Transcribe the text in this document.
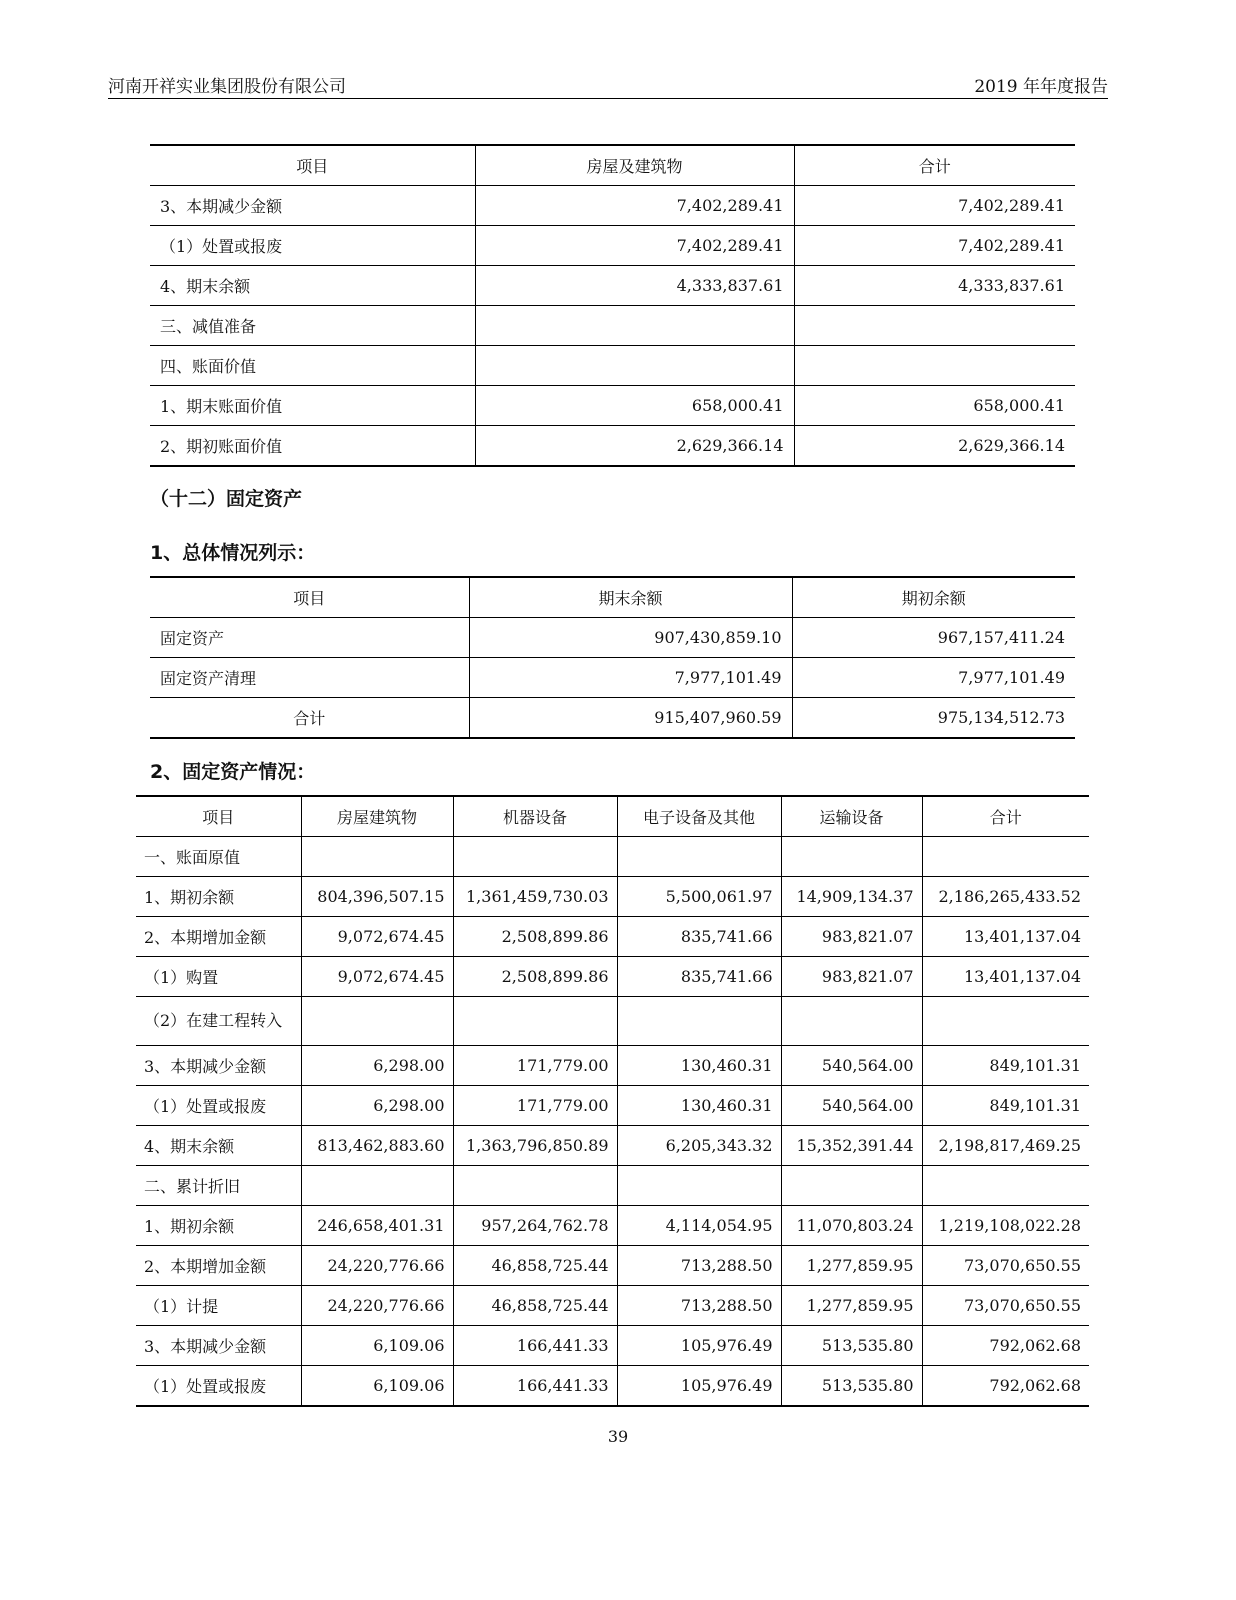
河南开祥实业集团股份有限公司	2019 年年度报告
项目	房屋及建筑物	合计
3、本期减少金额	7,402,289.41	7,402,289.41
（1）处置或报废	7,402,289.41	7,402,289.41
4、期末余额	4,333,837.61	4,333,837.61
三、减值准备		
四、账面价值		
1、期末账面价值	658,000.41	658,000.41
2、期初账面价值	2,629,366.14	2,629,366.14
（十二）固定资产
1、总体情况列示：
项目	期末余额	期初余额
固定资产	907,430,859.10	967,157,411.24
固定资产清理	7,977,101.49	7,977,101.49
合计	915,407,960.59	975,134,512.73
2、固定资产情况：
项目	房屋建筑物	机器设备	电子设备及其他	运输设备	合计
一、账面原值					
1、期初余额	804,396,507.15	1,361,459,730.03	5,500,061.97	14,909,134.37	2,186,265,433.52
2、本期增加金额	9,072,674.45	2,508,899.86	835,741.66	983,821.07	13,401,137.04
（1）购置	9,072,674.45	2,508,899.86	835,741.66	983,821.07	13,401,137.04
（2）在建工程转入					
3、本期减少金额	6,298.00	171,779.00	130,460.31	540,564.00	849,101.31
（1）处置或报废	6,298.00	171,779.00	130,460.31	540,564.00	849,101.31
4、期末余额	813,462,883.60	1,363,796,850.89	6,205,343.32	15,352,391.44	2,198,817,469.25
二、累计折旧					
1、期初余额	246,658,401.31	957,264,762.78	4,114,054.95	11,070,803.24	1,219,108,022.28
2、本期增加金额	24,220,776.66	46,858,725.44	713,288.50	1,277,859.95	73,070,650.55
（1）计提	24,220,776.66	46,858,725.44	713,288.50	1,277,859.95	73,070,650.55
3、本期减少金额	6,109.06	166,441.33	105,976.49	513,535.80	792,062.68
（1）处置或报废	6,109.06	166,441.33	105,976.49	513,535.80	792,062.68
39
